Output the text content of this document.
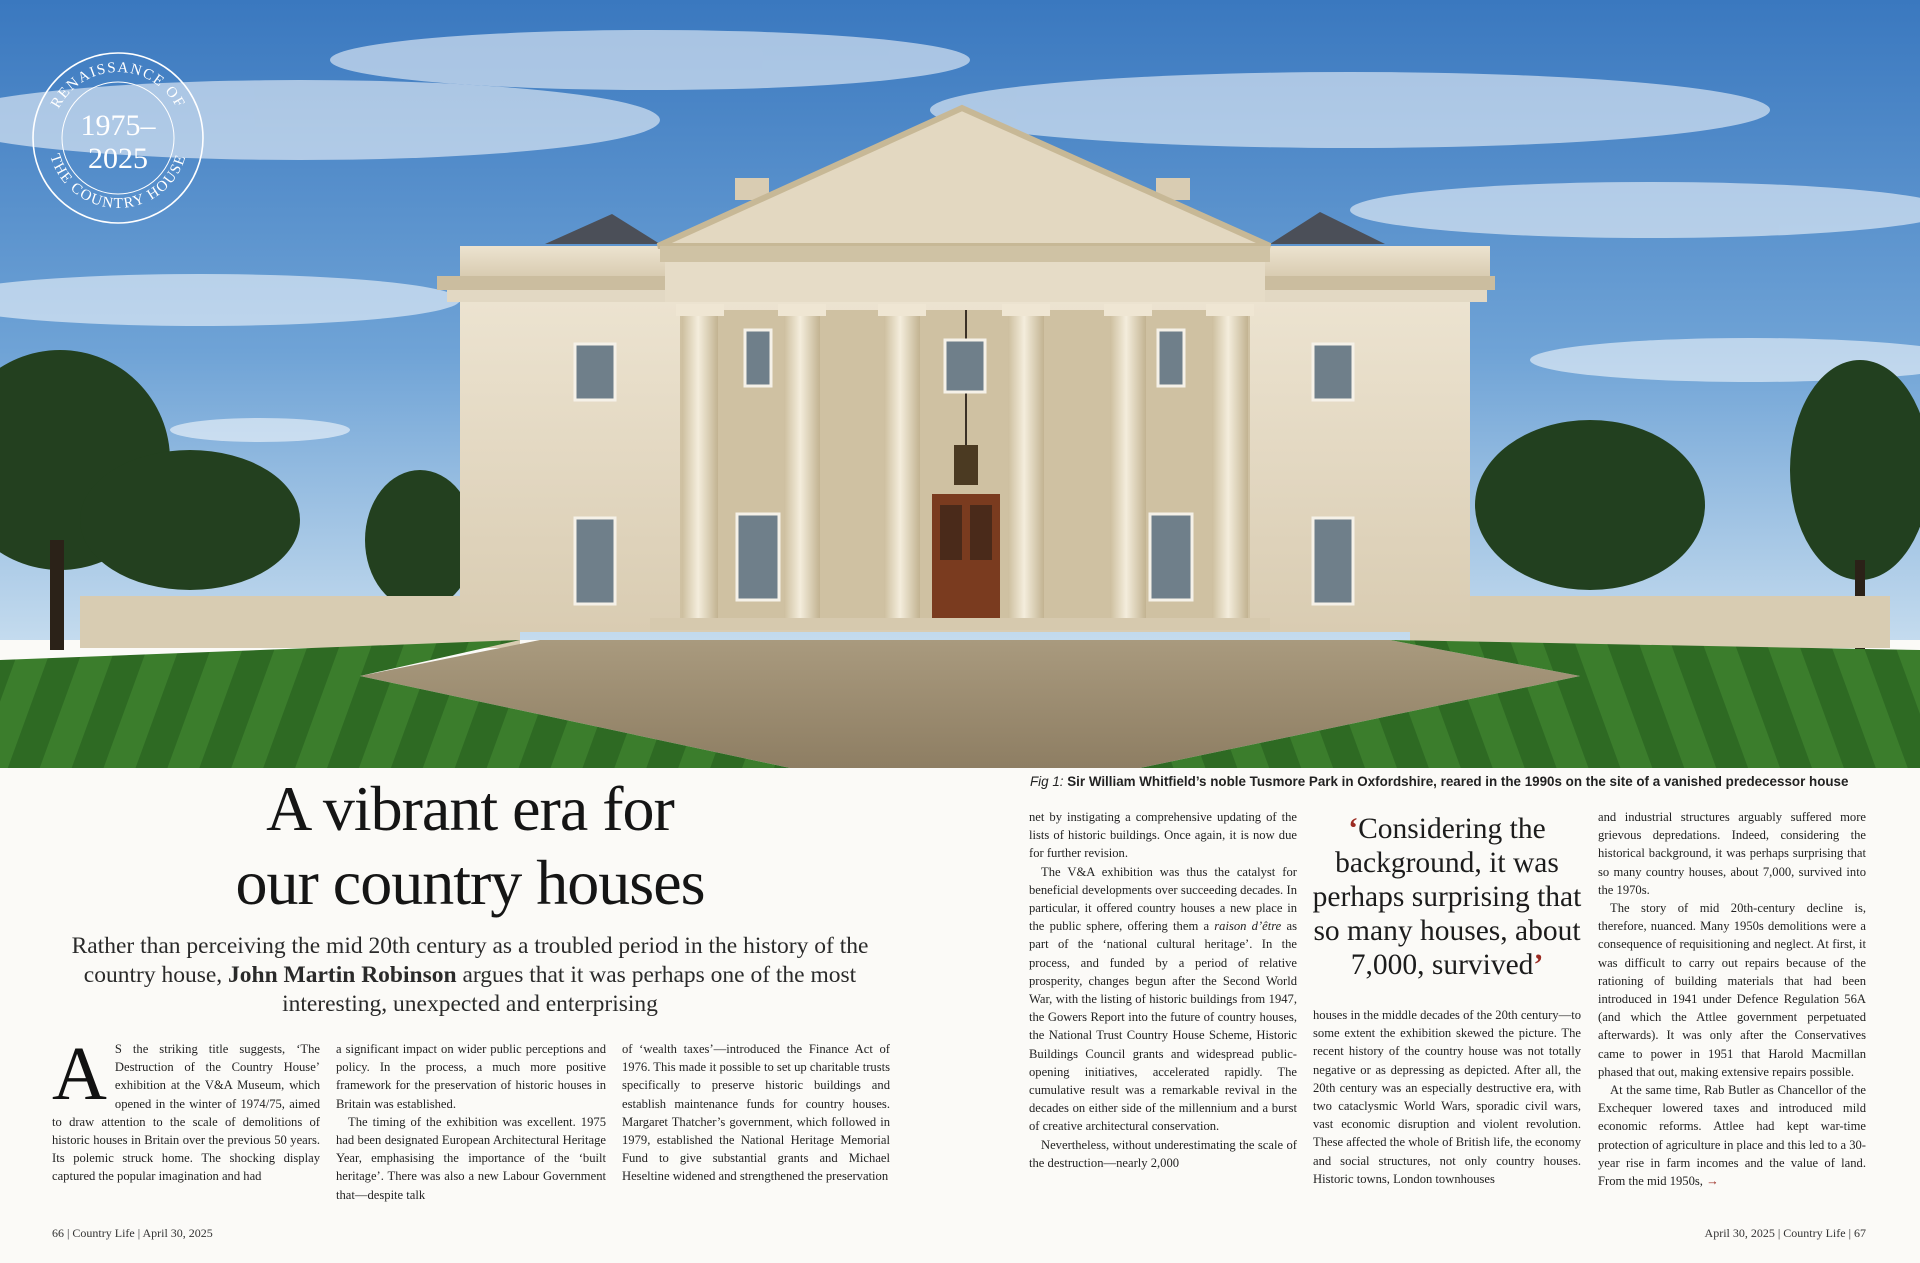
RENAISSANCE OF
THE COUNTRY HOUSE
1975–
2025
Fig 1: Sir William Whitfield’s noble Tusmore Park in Oxfordshire, reared in the 1990s on the site of a vanished predecessor house
A vibrant era for
our country houses
Rather than perceiving the mid 20th century as a troubled period in the history of the country house, John Martin Robinson argues that it was perhaps one of the most interesting, unexpected and enterprising

A S the striking title suggests, ‘The Destruction of the Country House’ exhibition at the V&A Museum, which opened in the winter of 1974/75, aimed to draw attention to the scale of demolitions of historic houses in Britain over the previous 50 years. Its polemic struck home. The shocking display captured the popular imagination and had

a significant impact on wider public perceptions and policy. In the process, a much more positive framework for the preservation of historic houses in Britain was established.

The timing of the exhibition was excellent. 1975 had been designated European Architectural Heritage Year, emphasising the importance of the ‘built heritage’. There was also a new Labour Government that—despite talk

of ‘wealth taxes’—introduced the Finance Act of 1976. This made it possible to set up charitable trusts specifically to preserve historic buildings and establish maintenance funds for country houses. Margaret Thatcher’s government, which followed in 1979, established the National Heritage Memorial Fund to give substantial grants and Michael Heseltine widened and strengthened the preservation

net by instigating a comprehensive updating of the lists of historic buildings. Once again, it is now due for further revision.

The V&A exhibition was thus the catalyst for beneficial developments over succeeding decades. In particular, it offered country houses a new place in the public sphere, offering them a raison d’être as part of the ‘national cultural heritage’. In the process, and funded by a period of relative prosperity, changes begun after the Second World War, with the listing of historic buildings from 1947, the Gowers Report into the future of country houses, the National Trust Country House Scheme, Historic Buildings Council grants and widespread public-opening initiatives, accelerated rapidly. The cumulative result was a remarkable revival in the decades on either side of the millennium and a burst of creative architectural conservation.

Nevertheless, without underestimating the scale of the destruction—nearly 2,000

‘Considering the background, it was perhaps surprising that so many houses, about 7,000, survived’

houses in the middle decades of the 20th century—to some extent the exhibition skewed the picture. The recent history of the country house was not totally negative or as depressing as depicted. After all, the 20th century was an especially destructive era, with two cataclysmic World Wars, sporadic civil wars, vast economic disruption and violent revolution. These affected the whole of British life, the economy and social structures, not only country houses. Historic towns, London townhouses

and industrial structures arguably suffered more grievous depredations. Indeed, considering the historical background, it was perhaps surprising that so many country houses, about 7,000, survived into the 1970s.

The story of mid 20th-century decline is, therefore, nuanced. Many 1950s demolitions were a consequence of requisitioning and neglect. At first, it was difficult to carry out repairs because of the rationing of building materials that had been introduced in 1941 under Defence Regulation 56A (and which the Attlee government perpetuated afterwards). It was only after the Conservatives came to power in 1951 that Harold Macmillan phased that out, making extensive repairs possible.

At the same time, Rab Butler as Chancellor of the Exchequer lowered taxes and introduced mild economic reforms. Attlee had kept war-time protection of agriculture in place and this led to a 30-year rise in farm incomes and the value of land. From the mid 1950s, →

66 | Country Life | April 30, 2025	April 30, 2025 | Country Life | 67
